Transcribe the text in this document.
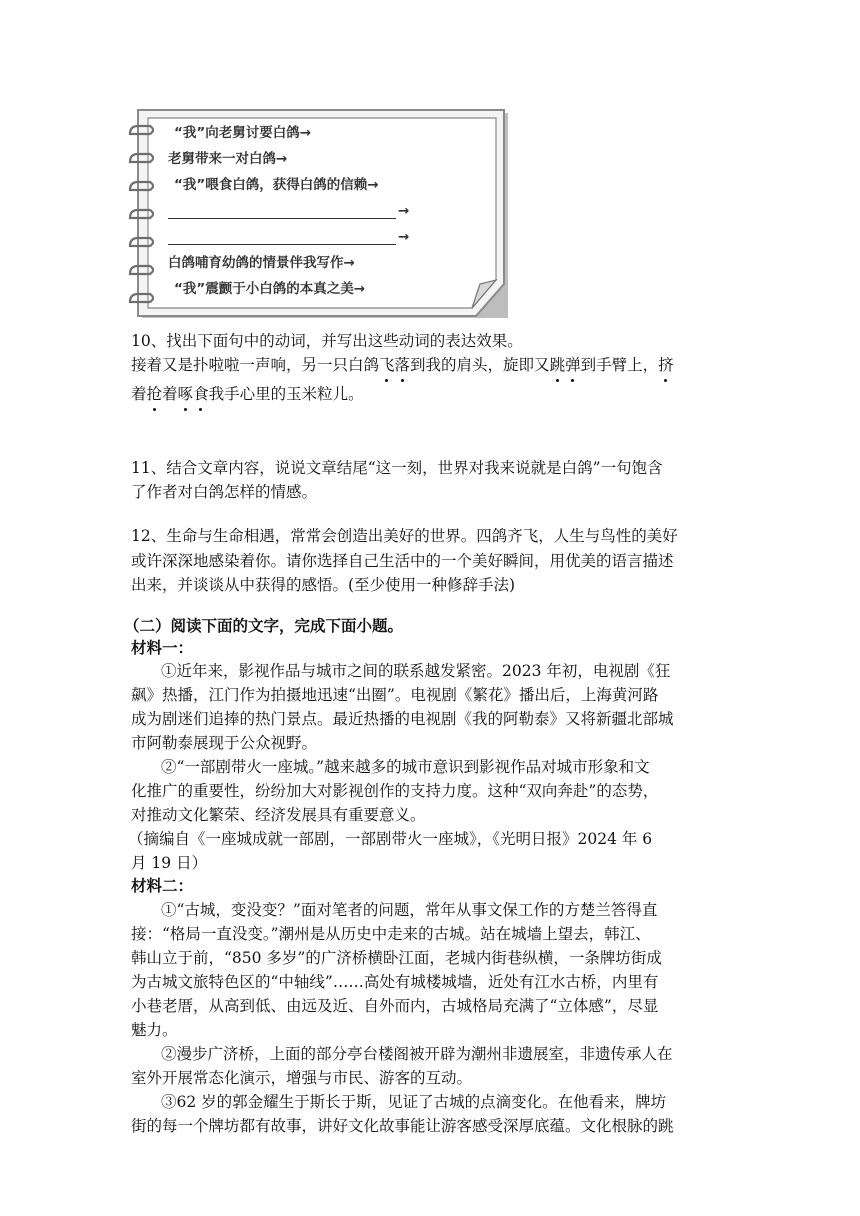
“我”向老舅讨要白鸽→
老舅带来一对白鸽→
“我”喂食白鸽，获得白鸽的信赖→
→
→
白鸽哺育幼鸽的情景伴我写作→
“我”震颤于小白鸽的本真之美→
10、找出下面句中的动词，并写出这些动词的表达效果。
接着又是扑啦啦一声响，另一只白鸽飞落到我的肩头，旋即又跳弹到手臂上，挤
着抢着啄食我手心里的玉米粒儿。
11、结合文章内容，说说文章结尾“这一刻，世界对我来说就是白鸽”一句饱含
了作者对白鸽怎样的情感。
12、生命与生命相遇，常常会创造出美好的世界。四鸽齐飞，人生与鸟性的美好
或许深深地感染着你。请你选择自己生活中的一个美好瞬间，用优美的语言描述
出来，并谈谈从中获得的感悟。(至少使用一种修辞手法)
（二）阅读下面的文字，完成下面小题。
材料一：
①近年来，影视作品与城市之间的联系越发紧密。2023 年初，电视剧《狂
飙》热播，江门作为拍摄地迅速“出圈”。电视剧《繁花》播出后，上海黄河路
成为剧迷们追捧的热门景点。最近热播的电视剧《我的阿勒泰》又将新疆北部城
市阿勒泰展现于公众视野。
②“一部剧带火一座城。”越来越多的城市意识到影视作品对城市形象和文
化推广的重要性，纷纷加大对影视创作的支持力度。这种“双向奔赴”的态势，
对推动文化繁荣、经济发展具有重要意义。
（摘编自《一座城成就一部剧，一部剧带火一座城》，《光明日报》2024 年 6
月 19 日）
材料二：
①“古城，变没变？”面对笔者的问题，常年从事文保工作的方楚兰答得直
接：“格局一直没变。”潮州是从历史中走来的古城。站在城墙上望去，韩江、
韩山立于前，“850 多岁”的广济桥横卧江面，老城内街巷纵横，一条牌坊街成
为古城文旅特色区的“中轴线”……高处有城楼城墙，近处有江水古桥，内里有
小巷老厝，从高到低、由远及近、自外而内，古城格局充满了“立体感”，尽显
魅力。
②漫步广济桥，上面的部分亭台楼阁被开辟为潮州非遗展室，非遗传承人在
室外开展常态化演示，增强与市民、游客的互动。
③62 岁的郭金耀生于斯长于斯，见证了古城的点滴变化。在他看来，牌坊
街的每一个牌坊都有故事，讲好文化故事能让游客感受深厚底蕴。文化根脉的跳
